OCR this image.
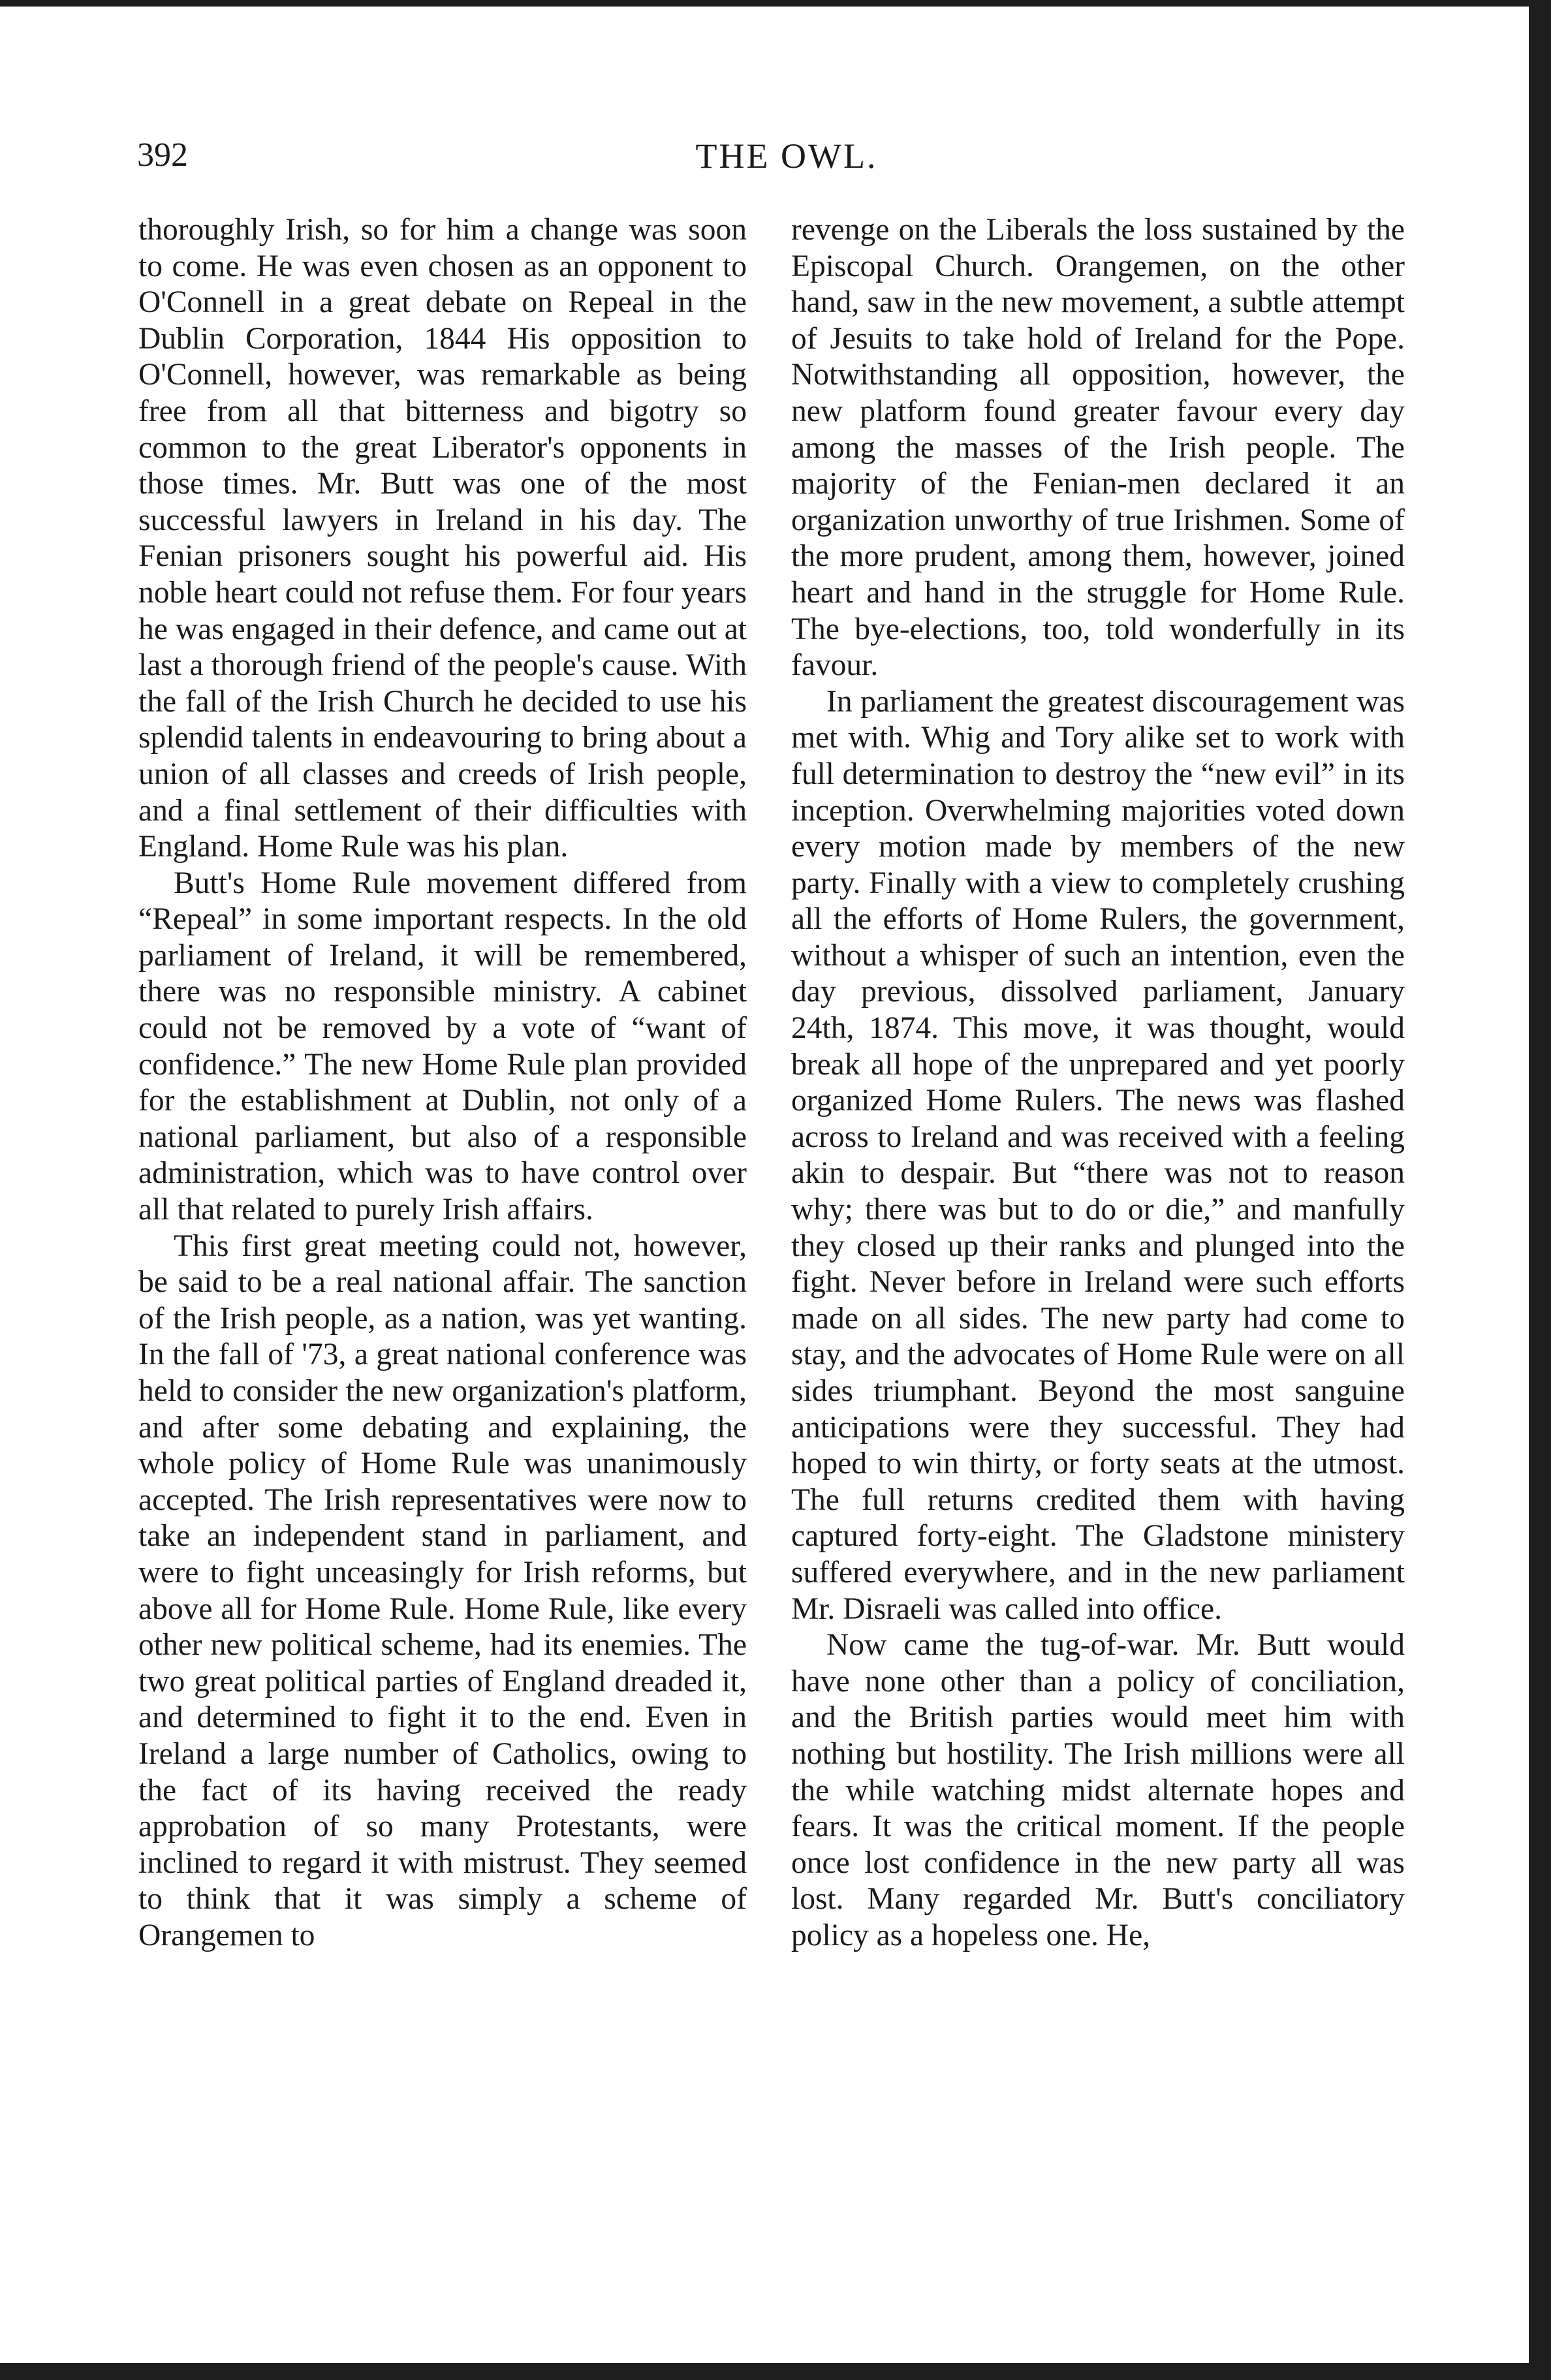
392	THE OWL.

thoroughly Irish, so for him a change was soon to come. He was even chosen as an opponent to O'Connell in a great debate on Repeal in the Dublin Corporation, 1844 His opposition to O'Connell, however, was remarkable as being free from all that bitterness and bigotry so common to the great Liberator's opponents in those times. Mr. Butt was one of the most successful lawyers in Ireland in his day. The Fenian prisoners sought his powerful aid. His noble heart could not refuse them. For four years he was engaged in their defence, and came out at last a thorough friend of the people's cause. With the fall of the Irish Church he decided to use his splendid talents in endeavouring to bring about a union of all classes and creeds of Irish people, and a final settlement of their difficulties with England. Home Rule was his plan.

Butt's Home Rule movement differed from “Repeal” in some important respects. In the old parliament of Ireland, it will be remembered, there was no responsible ministry. A cabinet could not be removed by a vote of “want of confidence.” The new Home Rule plan provided for the establishment at Dublin, not only of a national parliament, but also of a responsible administration, which was to have control over all that related to purely Irish affairs.

This first great meeting could not, however, be said to be a real national affair. The sanction of the Irish people, as a nation, was yet wanting. In the fall of '73, a great national conference was held to consider the new organization's platform, and after some debating and explaining, the whole policy of Home Rule was unanimously accepted. The Irish representatives were now to take an independent stand in parliament, and were to fight unceasingly for Irish reforms, but above all for Home Rule. Home Rule, like every other new political scheme, had its enemies. The two great political parties of England dreaded it, and determined to fight it to the end. Even in Ireland a large number of Catholics, owing to the fact of its having received the ready approbation of so many Protestants, were inclined to regard it with mistrust. They seemed to think that it was simply a scheme of Orangemen to

revenge on the Liberals the loss sustained by the Episcopal Church. Orangemen, on the other hand, saw in the new movement, a subtle attempt of Jesuits to take hold of Ireland for the Pope. Notwithstanding all opposition, however, the new platform found greater favour every day among the masses of the Irish people. The majority of the Fenian-men declared it an organization unworthy of true Irishmen. Some of the more prudent, among them, however, joined heart and hand in the struggle for Home Rule. The bye-elections, too, told wonderfully in its favour.

In parliament the greatest discouragement was met with. Whig and Tory alike set to work with full determination to destroy the “new evil” in its inception. Overwhelming majorities voted down every motion made by members of the new party. Finally with a view to completely crushing all the efforts of Home Rulers, the government, without a whisper of such an intention, even the day previous, dissolved parliament, January 24th, 1874. This move, it was thought, would break all hope of the unprepared and yet poorly organized Home Rulers. The news was flashed across to Ireland and was received with a feeling akin to despair. But “there was not to reason why; there was but to do or die,” and manfully they closed up their ranks and plunged into the fight. Never before in Ireland were such efforts made on all sides. The new party had come to stay, and the advocates of Home Rule were on all sides triumphant. Beyond the most sanguine anticipations were they successful. They had hoped to win thirty, or forty seats at the utmost. The full returns credited them with having captured forty-eight. The Gladstone ministery suffered everywhere, and in the new parliament Mr. Disraeli was called into office.

Now came the tug-of-war. Mr. Butt would have none other than a policy of conciliation, and the British parties would meet him with nothing but hostility. The Irish millions were all the while watching midst alternate hopes and fears. It was the critical moment. If the people once lost confidence in the new party all was lost. Many regarded Mr. Butt's conciliatory policy as a hopeless one. He,
